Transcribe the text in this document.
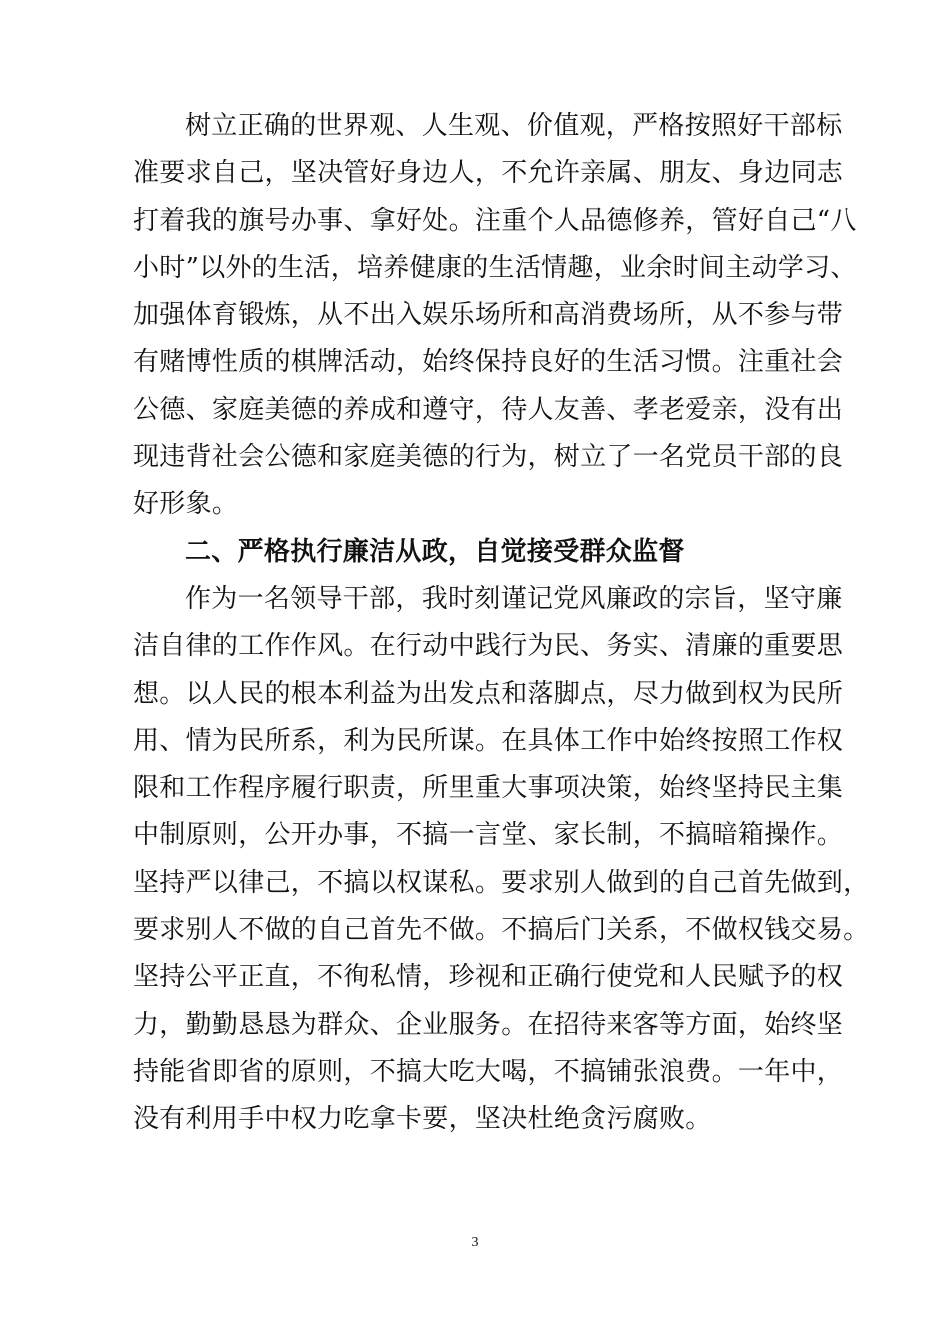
树立正确的世界观、人生观、价值观，严格按照好干部标
准要求自己，坚决管好身边人，不允许亲属、朋友、身边同志
打着我的旗号办事、拿好处。注重个人品德修养，管好自己“八
小时”以外的生活，培养健康的生活情趣，业余时间主动学习、
加强体育锻炼，从不出入娱乐场所和高消费场所，从不参与带
有赌博性质的棋牌活动，始终保持良好的生活习惯。注重社会
公德、家庭美德的养成和遵守，待人友善、孝老爱亲，没有出
现违背社会公德和家庭美德的行为，树立了一名党员干部的良
好形象。
二、严格执行廉洁从政，自觉接受群众监督
作为一名领导干部，我时刻谨记党风廉政的宗旨，坚守廉
洁自律的工作作风。在行动中践行为民、务实、清廉的重要思
想。以人民的根本利益为出发点和落脚点，尽力做到权为民所
用、情为民所系，利为民所谋。在具体工作中始终按照工作权
限和工作程序履行职责，所里重大事项决策，始终坚持民主集
中制原则，公开办事，不搞一言堂、家长制，不搞暗箱操作。
坚持严以律己，不搞以权谋私。要求别人做到的自己首先做到，
要求别人不做的自己首先不做。不搞后门关系，不做权钱交易。
坚持公平正直，不徇私情，珍视和正确行使党和人民赋予的权
力，勤勤恳恳为群众、企业服务。在招待来客等方面，始终坚
持能省即省的原则，不搞大吃大喝，不搞铺张浪费。一年中，
没有利用手中权力吃拿卡要，坚决杜绝贪污腐败。
3
